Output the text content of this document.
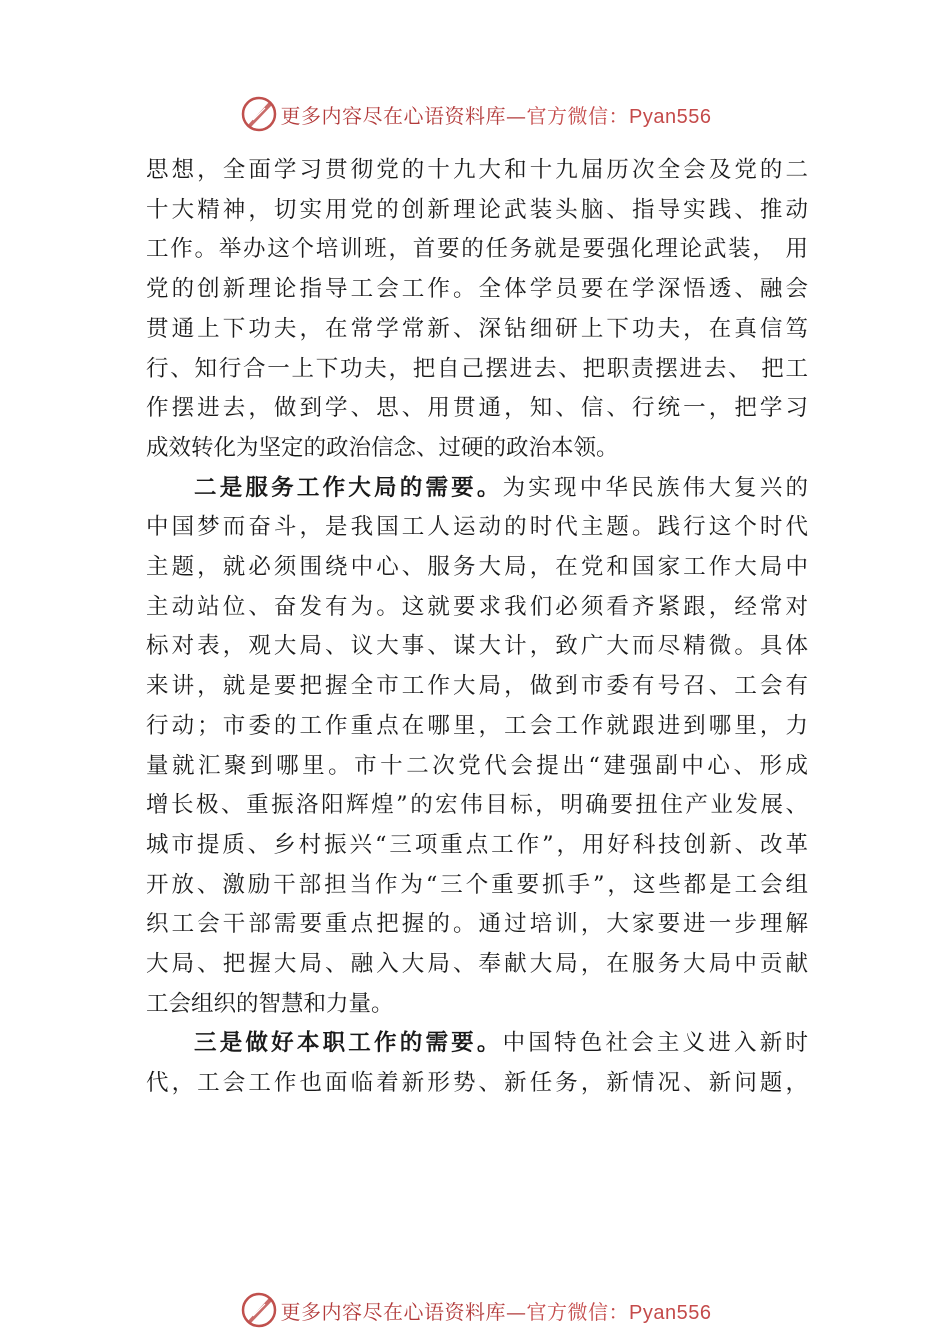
更多内容尽在心语资料库—官方微信：Pyan556

思想，全面学习贯彻党的十九大和十九届历次全会及党的二
十大精神，切实用党的创新理论武装头脑、指导实践、推动
工作。举办这个培训班，首要的任务就是要强化理论武装， 用
党的创新理论指导工会工作。全体学员要在学深悟透、融会
贯通上下功夫，在常学常新、深钻细研上下功夫，在真信笃
行、知行合一上下功夫，把自己摆进去、把职责摆进去、 把工
作摆进去，做到学、思、用贯通，知、信、行统一，把学习
成效转化为坚定的政治信念、过硬的政治本领。

二是服务工作大局的需要。为实现中华民族伟大复兴的
中国梦而奋斗，是我国工人运动的时代主题。践行这个时代
主题，就必须围绕中心、服务大局，在党和国家工作大局中
主动站位、奋发有为。这就要求我们必须看齐紧跟，经常对
标对表，观大局、议大事、谋大计，致广大而尽精微。具体
来讲，就是要把握全市工作大局，做到市委有号召、工会有
行动；市委的工作重点在哪里，工会工作就跟进到哪里，力
量就汇聚到哪里。市十二次党代会提出“建强副中心、形成
增长极、重振洛阳辉煌”的宏伟目标，明确要扭住产业发展、
城市提质、乡村振兴“三项重点工作”，用好科技创新、改革
开放、激励干部担当作为“三个重要抓手”，这些都是工会组
织工会干部需要重点把握的。通过培训，大家要进一步理解
大局、把握大局、融入大局、奉献大局，在服务大局中贡献
工会组织的智慧和力量。

三是做好本职工作的需要。中国特色社会主义进入新时
代，工会工作也面临着新形势、新任务，新情况、新问题，

更多内容尽在心语资料库—官方微信：Pyan556
